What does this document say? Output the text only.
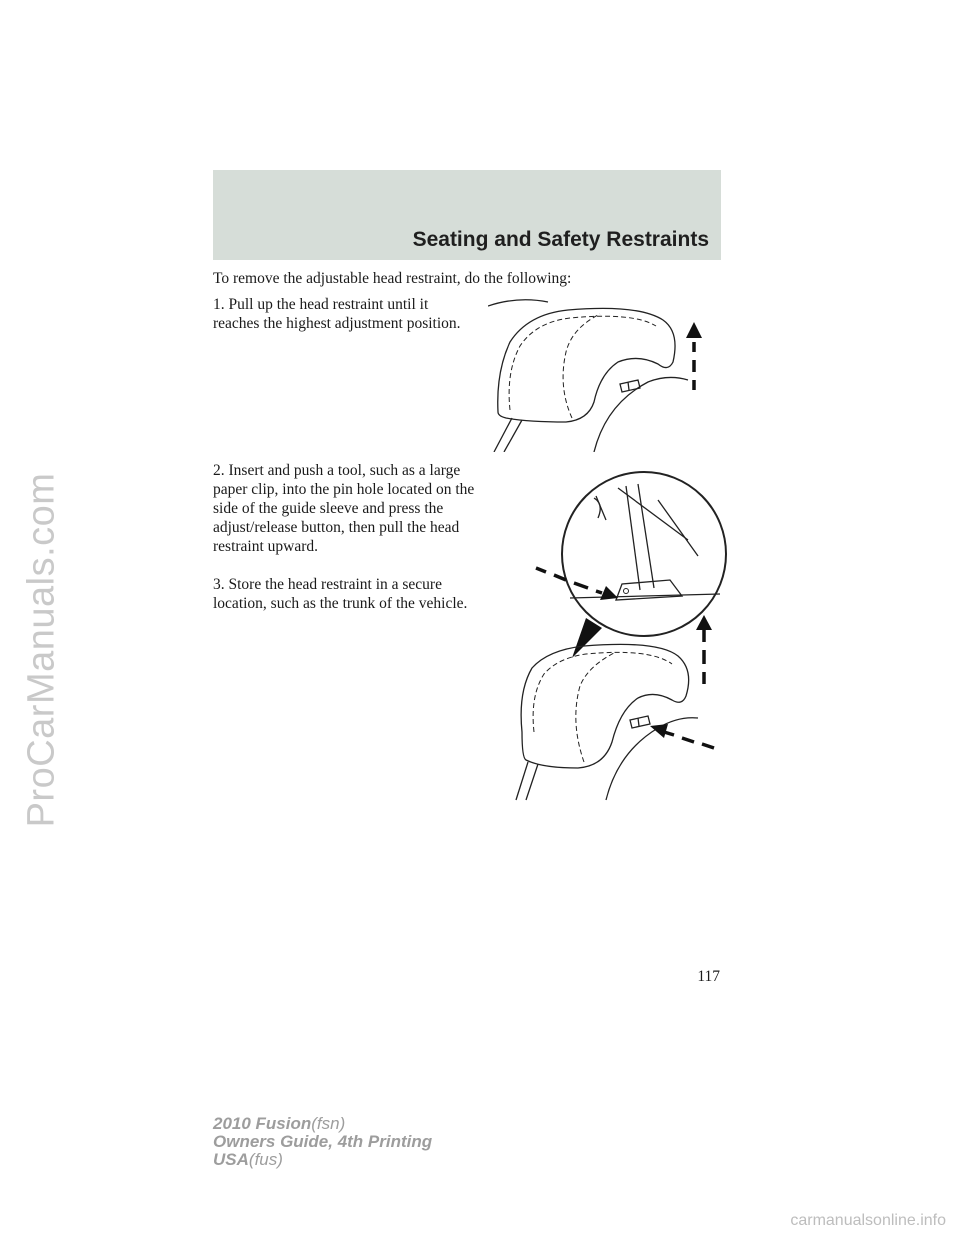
ProCarManuals.com
Seating and Safety Restraints
To remove the adjustable head restraint, do the following:
1. Pull up the head restraint until it reaches the highest adjustment position.
2. Insert and push a tool, such as a large paper clip, into the pin hole located on the side of the guide sleeve and press the adjust/release button, then pull the head restraint upward.
3. Store the head restraint in a secure location, such as the trunk of the vehicle.
117
2010 Fusion(fsn)
Owners Guide, 4th Printing
USA(fus)
carmanualsonline.info
